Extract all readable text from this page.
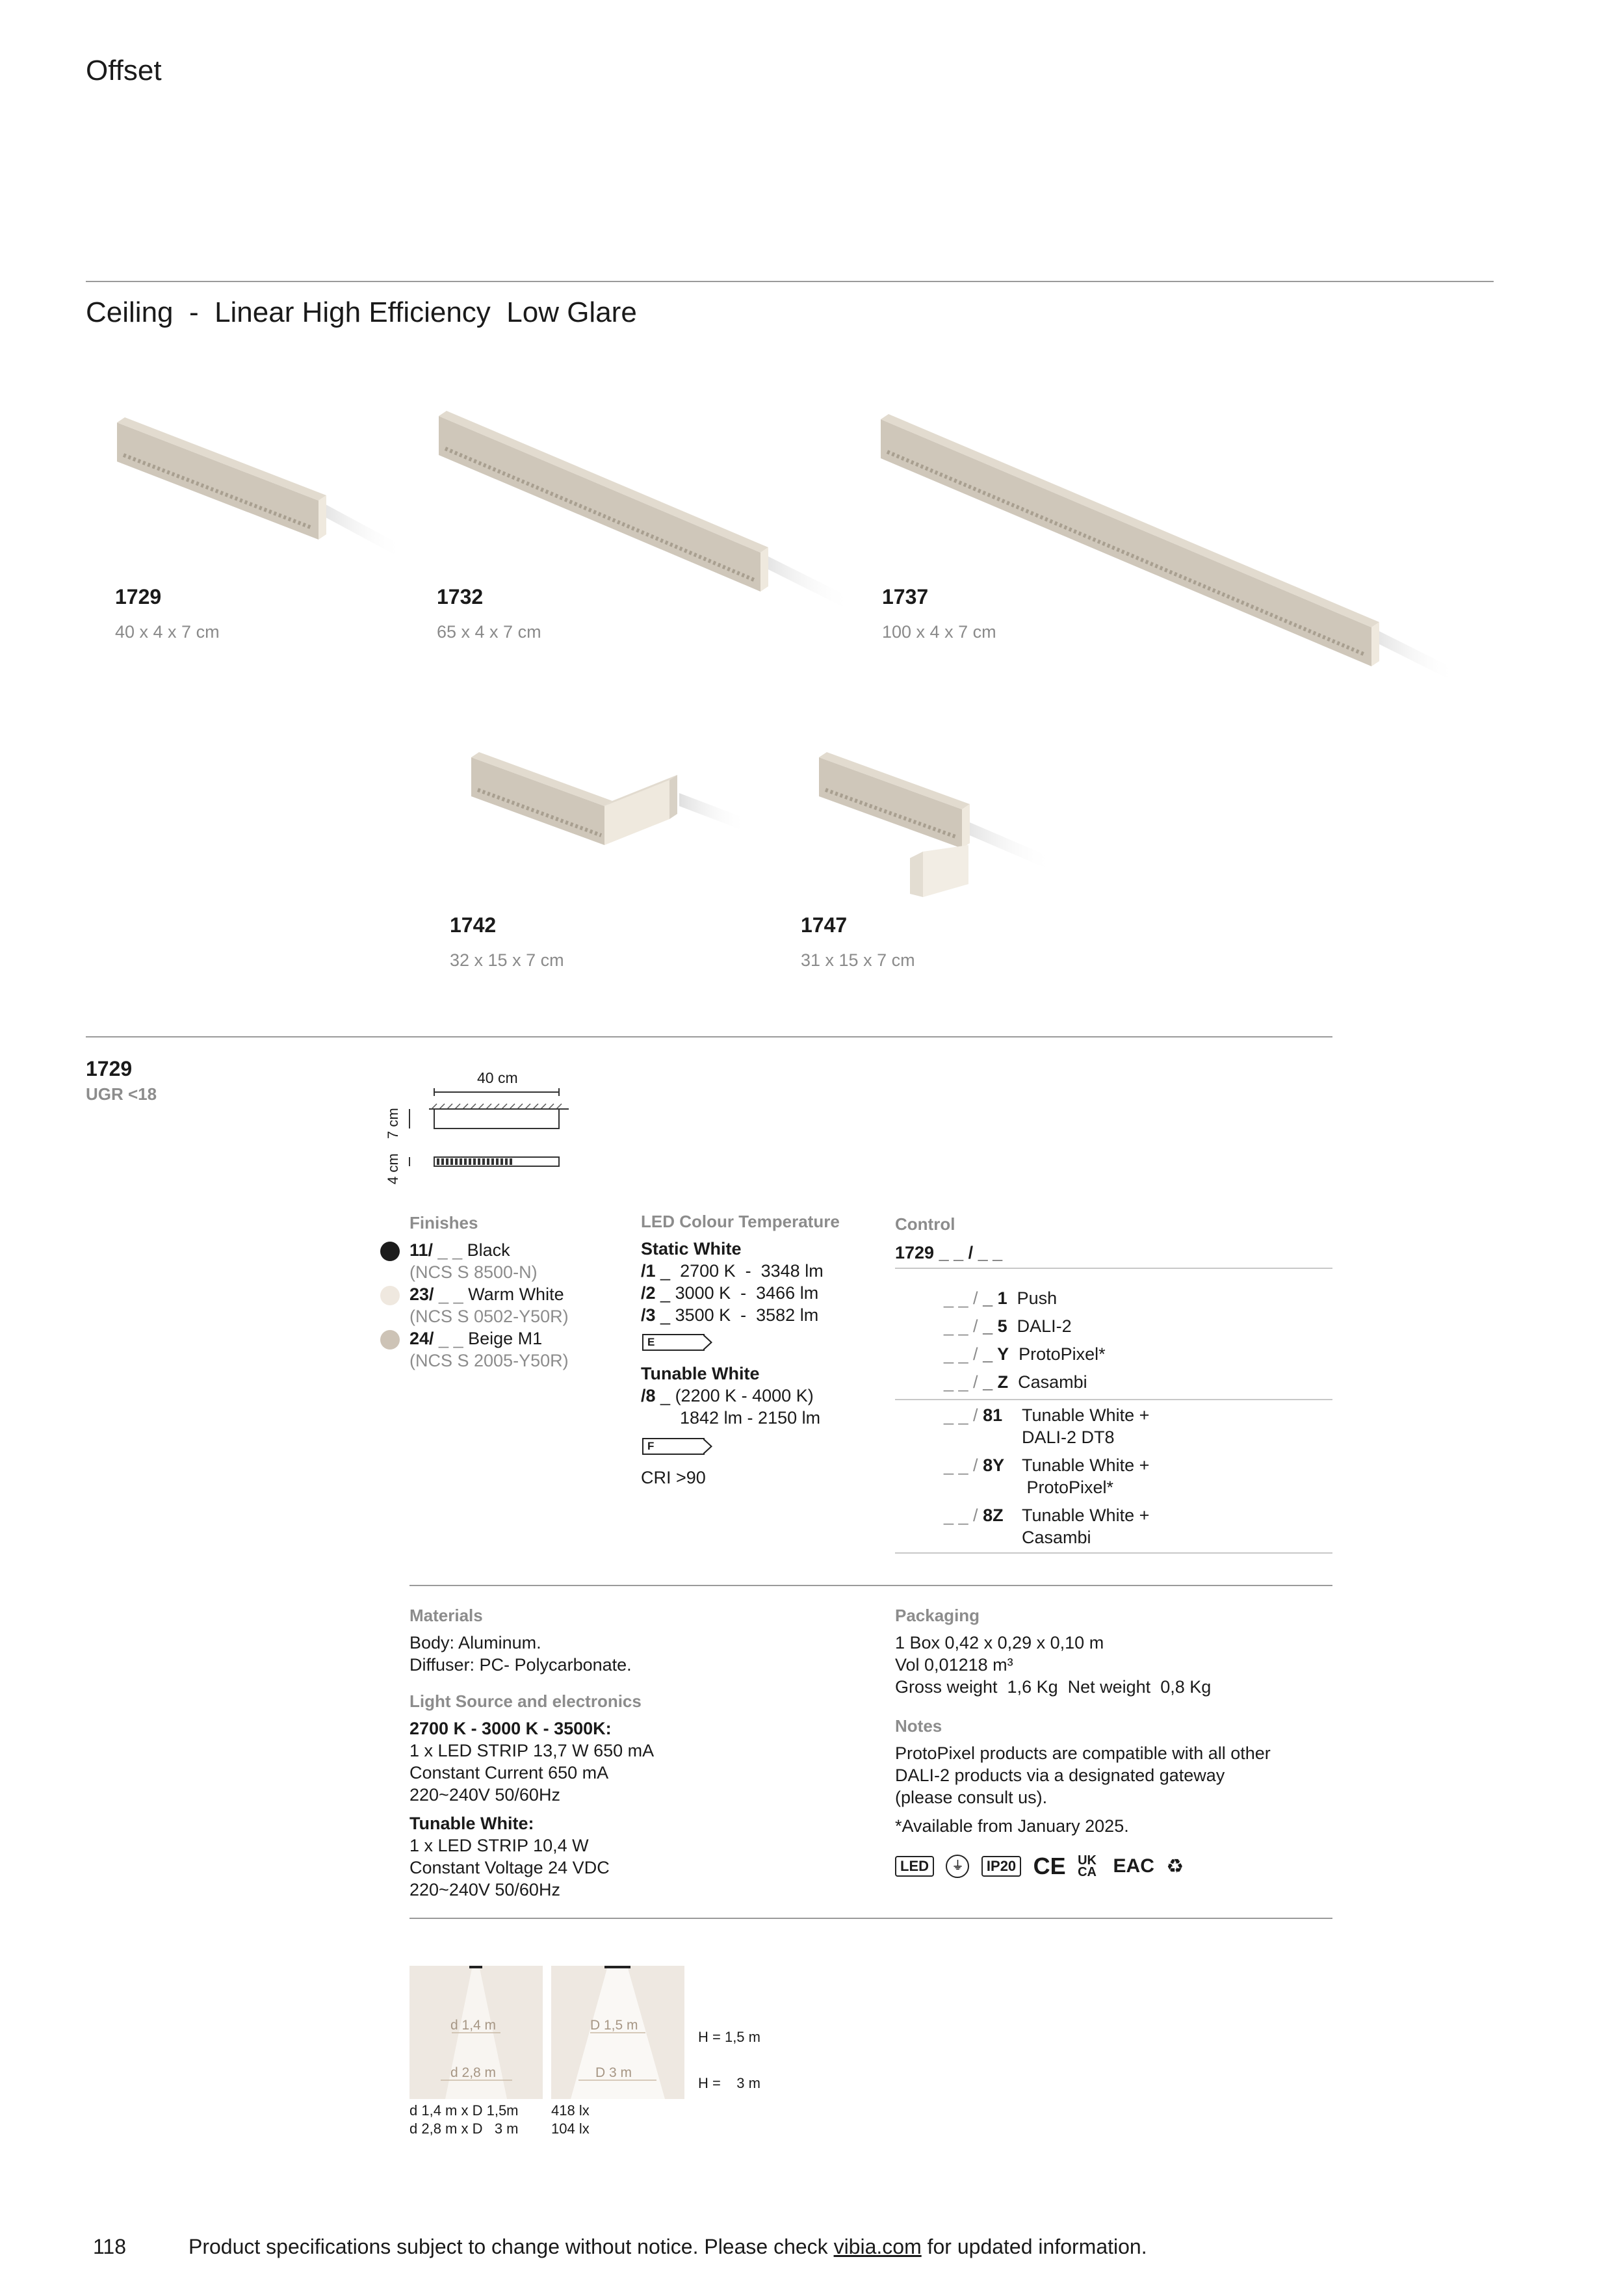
Offset
Ceiling  -  Linear High Efficiency  Low Glare
1729
40 x 4 x 7 cm
1732
65 x 4 x 7 cm
1737
100 x 4 x 7 cm
1742
32 x 15 x 7 cm
1747
31 x 15 x 7 cm
1729
UGR <18
40 cm
7 cm
4 cm
Finishes
11/ _ _ Black
(NCS S 8500-N)
23/ _ _ Warm White
(NCS S 0502-Y50R)
24/ _ _ Beige M1
(NCS S 2005-Y50R)
LED Colour Temperature
Static White
/1 _  2700 K  -  3348 lm
/2 _ 3000 K  -  3466 lm
/3 _ 3500 K  -  3582 lm
E
Tunable White
/8 _ (2200 K - 4000 K)
1842 lm - 2150 lm
F
CRI >90
Control
1729 _ _ / _ _
_ _ / _ 1 Push
_ _ / _ 5 DALI-2
_ _ / _ Y ProtoPixel*
_ _ / _ Z Casambi
_ _ / 81 Tunable White +
DALI-2 DT8
_ _ / 8Y Tunable White +
ProtoPixel*
_ _ / 8Z Tunable White +
Casambi
Materials
Body: Aluminum.
Diffuser: PC- Polycarbonate.
Light Source and electronics
2700 K - 3000 K - 3500K:
1 x LED STRIP 13,7 W 650 mA
Constant Current 650 mA
220~240V 50/60Hz
Tunable White:
1 x LED STRIP 10,4 W
Constant Voltage 24 VDC
220~240V 50/60Hz
Packaging
1 Box 0,42 x 0,29 x 0,10 m
Vol 0,01218 m³
Gross weight  1,6 Kg  Net weight  0,8 Kg
Notes
ProtoPixel products are compatible with all other
DALI-2 products via a designated gateway
(please consult us).
*Available from January 2025.
LED ⏚ IP20 CE UK CA EAC ♻
d 1,4 m
d 2,8 m
D 1,5 m
D 3 m
H = 1,5 m
H =    3 m
d 1,4 m x D 1,5m
d 2,8 m x D   3 m
418 lx
104 lx
118	Product specifications subject to change without notice. Please check vibia.com for updated information.
